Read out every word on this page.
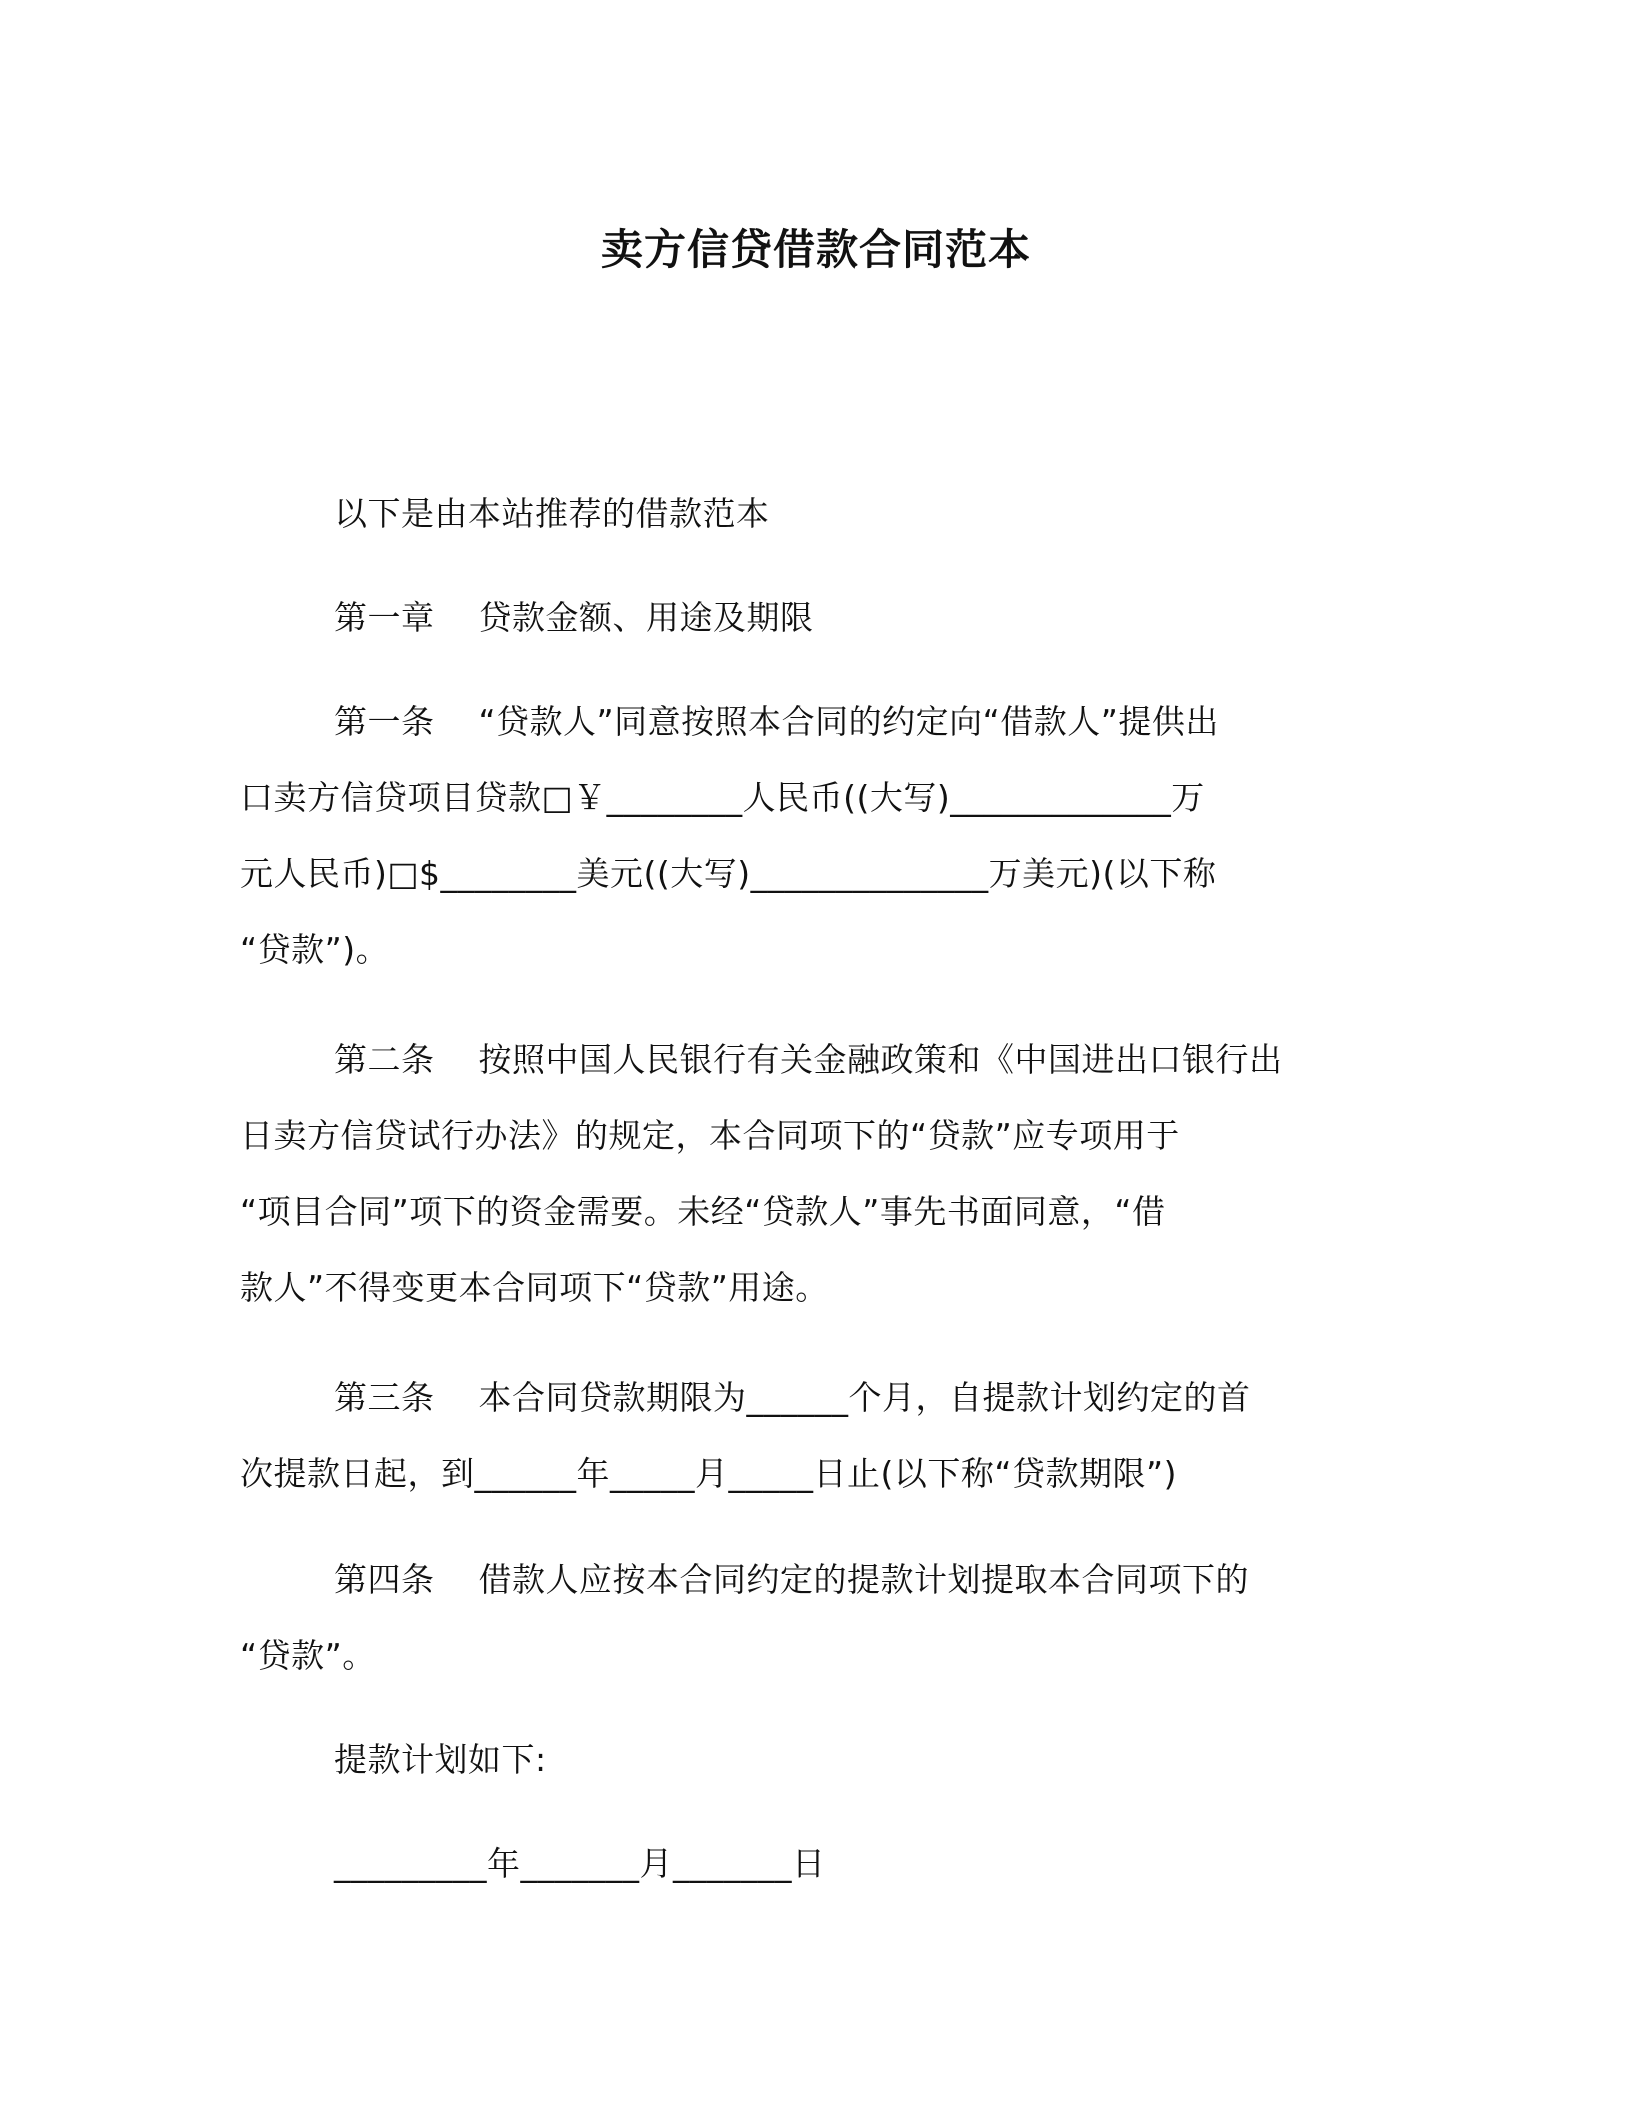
卖方信贷借款合同范本
以下是由本站推荐的借款范本
第一章    贷款金额、用途及期限
第一条    “贷款人”同意按照本合同的约定向“借款人”提供出
口卖方信贷项目贷款□￥________人民币((大写)_____________万
元人民币)□$________美元((大写)______________万美元)(以下称
“贷款”)。
第二条    按照中国人民银行有关金融政策和《中国进出口银行出
日卖方信贷试行办法》的规定，本合同项下的“贷款”应专项用于
“项目合同”项下的资金需要。未经“贷款人”事先书面同意，“借
款人”不得变更本合同项下“贷款”用途。
第三条    本合同贷款期限为______个月，自提款计划约定的首
次提款日起，到______年_____月_____日止(以下称“贷款期限”)
第四条    借款人应按本合同约定的提款计划提取本合同项下的
“贷款”。
提款计划如下:
_________年_______月_______日
